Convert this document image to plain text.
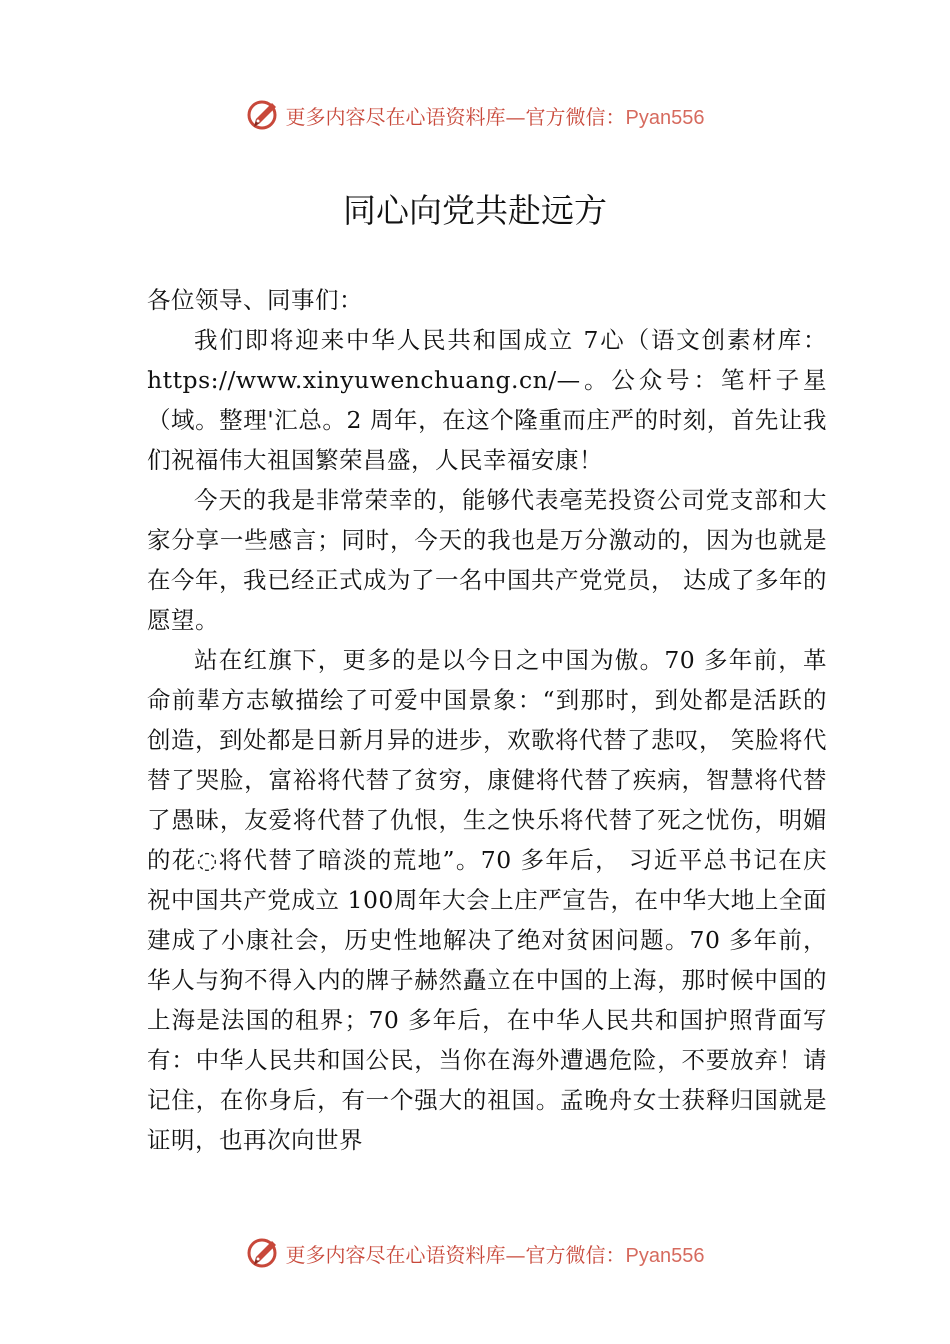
更多内容尽在心语资料库—官方微信：Pyan556
同心向党共赴远方

各位领导、同事们：

我们即将迎来中华人民共和国成立 7心（语文创素材库：https://www.xinyuwenchuang.cn/—。公众号：笔杆子星（域。整理'汇总。2 周年，在这个隆重而庄严的时刻，首先让我们祝福伟大祖国繁荣昌盛，人民幸福安康！

今天的我是非常荣幸的，能够代表亳芜投资公司党支部和大家分享一些感言；同时，今天的我也是万分激动的，因为也就是在今年，我已经正式成为了一名中国共产党党员， 达成了多年的愿望。

站在红旗下，更多的是以今日之中国为傲。70 多年前，革命前辈方志敏描绘了可爱中国景象：“到那时，到处都是活跃的创造，到处都是日新月异的进步，欢歌将代替了悲叹， 笑脸将代替了哭脸，富裕将代替了贫穷，康健将代替了疾病，智慧将代替了愚昧，友爱将代替了仇恨，生之快乐将代替了死之忧伤，明媚的花◌将代替了暗淡的荒地”。70 多年后， 习近平总书记在庆祝中国共产党成立 100周年大会上庄严宣告，在中华大地上全面建成了小康社会，历史性地解决了绝对贫困问题。70 多年前，华人与狗不得入内的牌子赫然矗立在中国的上海，那时候中国的上海是法国的租界；70 多年后，在中华人民共和国护照背面写有：中华人民共和国公民，当你在海外遭遇危险，不要放弃！请记住，在你身后，有一个强大的祖国。孟晚舟女士获释归国就是证明，也再次向世界

更多内容尽在心语资料库—官方微信：Pyan556
